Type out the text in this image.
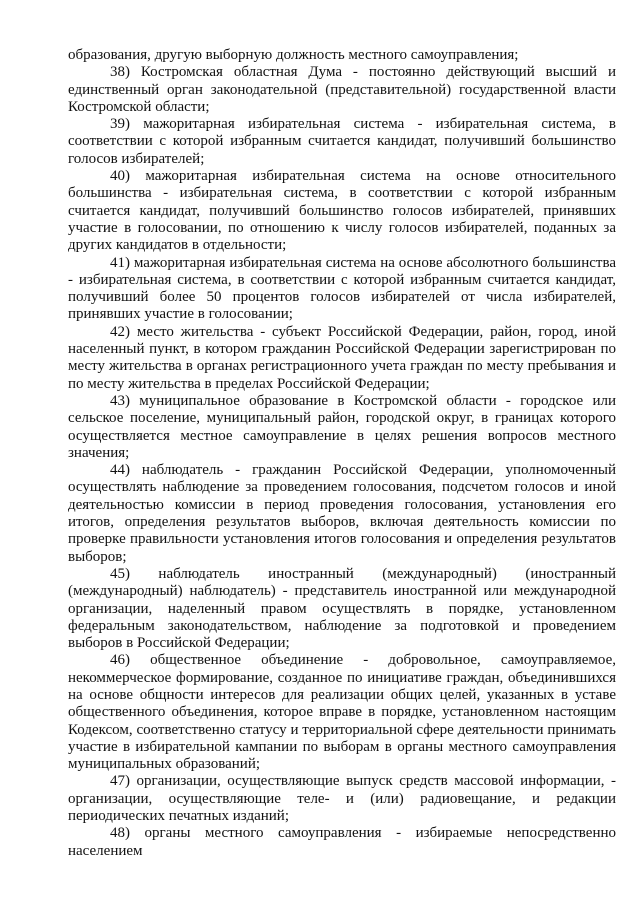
образования, другую выборную должность местного самоуправления;

38) Костромская областная Дума - постоянно действующий высший и единственный орган законодательной (представительной) государственной власти Костромской области;

39) мажоритарная избирательная система - избирательная система, в соответствии с которой избранным считается кандидат, получивший большинство голосов избирателей;

40) мажоритарная избирательная система на основе относительного большинства - избирательная система, в соответствии с которой избранным считается кандидат, получивший большинство голосов избирателей, принявших участие в голосовании, по отношению к числу голосов избирателей, поданных за других кандидатов в отдельности;

41) мажоритарная избирательная система на основе абсолютного большинства - избирательная система, в соответствии с которой избранным считается кандидат, получивший более 50 процентов голосов избирателей от числа избирателей, принявших участие в голосовании;

42) место жительства - субъект Российской Федерации, район, город, иной населенный пункт, в котором гражданин Российской Федерации зарегистрирован по месту жительства в органах регистрационного учета граждан по месту пребывания и по месту жительства в пределах Российской Федерации;

43) муниципальное образование в Костромской области - городское или сельское поселение, муниципальный район, городской округ, в границах которого осуществляется местное самоуправление в целях решения вопросов местного значения;

44) наблюдатель - гражданин Российской Федерации, уполномоченный осуществлять наблюдение за проведением голосования, подсчетом голосов и иной деятельностью комиссии в период проведения голосования, установления его итогов, определения результатов выборов, включая деятельность комиссии по проверке правильности установления итогов голосования и определения результатов выборов;

45) наблюдатель иностранный (международный) (иностранный (международный) наблюдатель) - представитель иностранной или международной организации, наделенный правом осуществлять в порядке, установленном федеральным законодательством, наблюдение за подготовкой и проведением выборов в Российской Федерации;

46) общественное объединение - добровольное, самоуправляемое, некоммерческое формирование, созданное по инициативе граждан, объединившихся на основе общности интересов для реализации общих целей, указанных в уставе общественного объединения, которое вправе в порядке, установленном настоящим Кодексом, соответственно статусу и территориальной сфере деятельности принимать участие в избирательной кампании по выборам в органы местного самоуправления муниципальных образований;

47) организации, осуществляющие выпуск средств массовой информации, - организации, осуществляющие теле- и (или) радиовещание, и редакции периодических печатных изданий;

48) органы местного самоуправления - избираемые непосредственно населением
